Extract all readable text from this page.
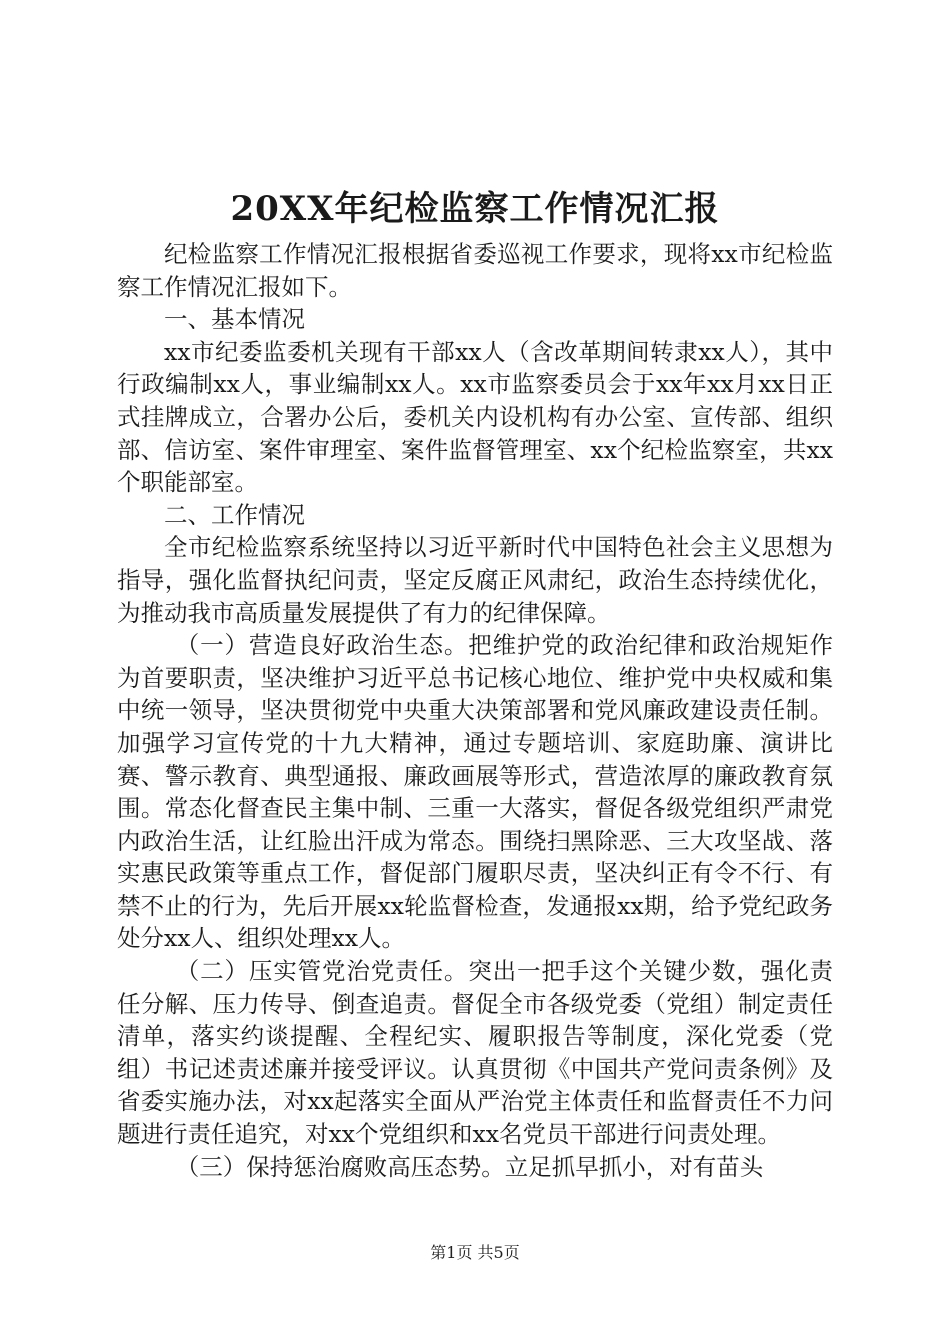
20XX年纪检监察工作情况汇报

纪检监察工作情况汇报根据省委巡视工作要求，现将xx市纪检监察工作情况汇报如下。

一、基本情况

xx市纪委监委机关现有干部xx人（含改革期间转隶xx人），其中行政编制xx人，事业编制xx人。xx市监察委员会于xx年xx月xx日正式挂牌成立，合署办公后，委机关内设机构有办公室、宣传部、组织部、信访室、案件审理室、案件监督管理室、xx个纪检监察室，共xx个职能部室。

二、工作情况

全市纪检监察系统坚持以习近平新时代中国特色社会主义思想为指导，强化监督执纪问责，坚定反腐正风肃纪，政治生态持续优化，为推动我市高质量发展提供了有力的纪律保障。

（一）营造良好政治生态。把维护党的政治纪律和政治规矩作为首要职责，坚决维护习近平总书记核心地位、维护党中央权威和集中统一领导，坚决贯彻党中央重大决策部署和党风廉政建设责任制。加强学习宣传党的十九大精神，通过专题培训、家庭助廉、演讲比赛、警示教育、典型通报、廉政画展等形式，营造浓厚的廉政教育氛围。常态化督查民主集中制、三重一大落实，督促各级党组织严肃党内政治生活，让红脸出汗成为常态。围绕扫黑除恶、三大攻坚战、落实惠民政策等重点工作，督促部门履职尽责，坚决纠正有令不行、有禁不止的行为，先后开展xx轮监督检查，发通报xx期，给予党纪政务处分xx人、组织处理xx人。

（二）压实管党治党责任。突出一把手这个关键少数，强化责任分解、压力传导、倒查追责。督促全市各级党委（党组）制定责任清单，落实约谈提醒、全程纪实、履职报告等制度，深化党委（党组）书记述责述廉并接受评议。认真贯彻《中国共产党问责条例》及省委实施办法，对xx起落实全面从严治党主体责任和监督责任不力问题进行责任追究，对xx个党组织和xx名党员干部进行问责处理。

（三）保持惩治腐败高压态势。立足抓早抓小，对有苗头

第1页 共5页
